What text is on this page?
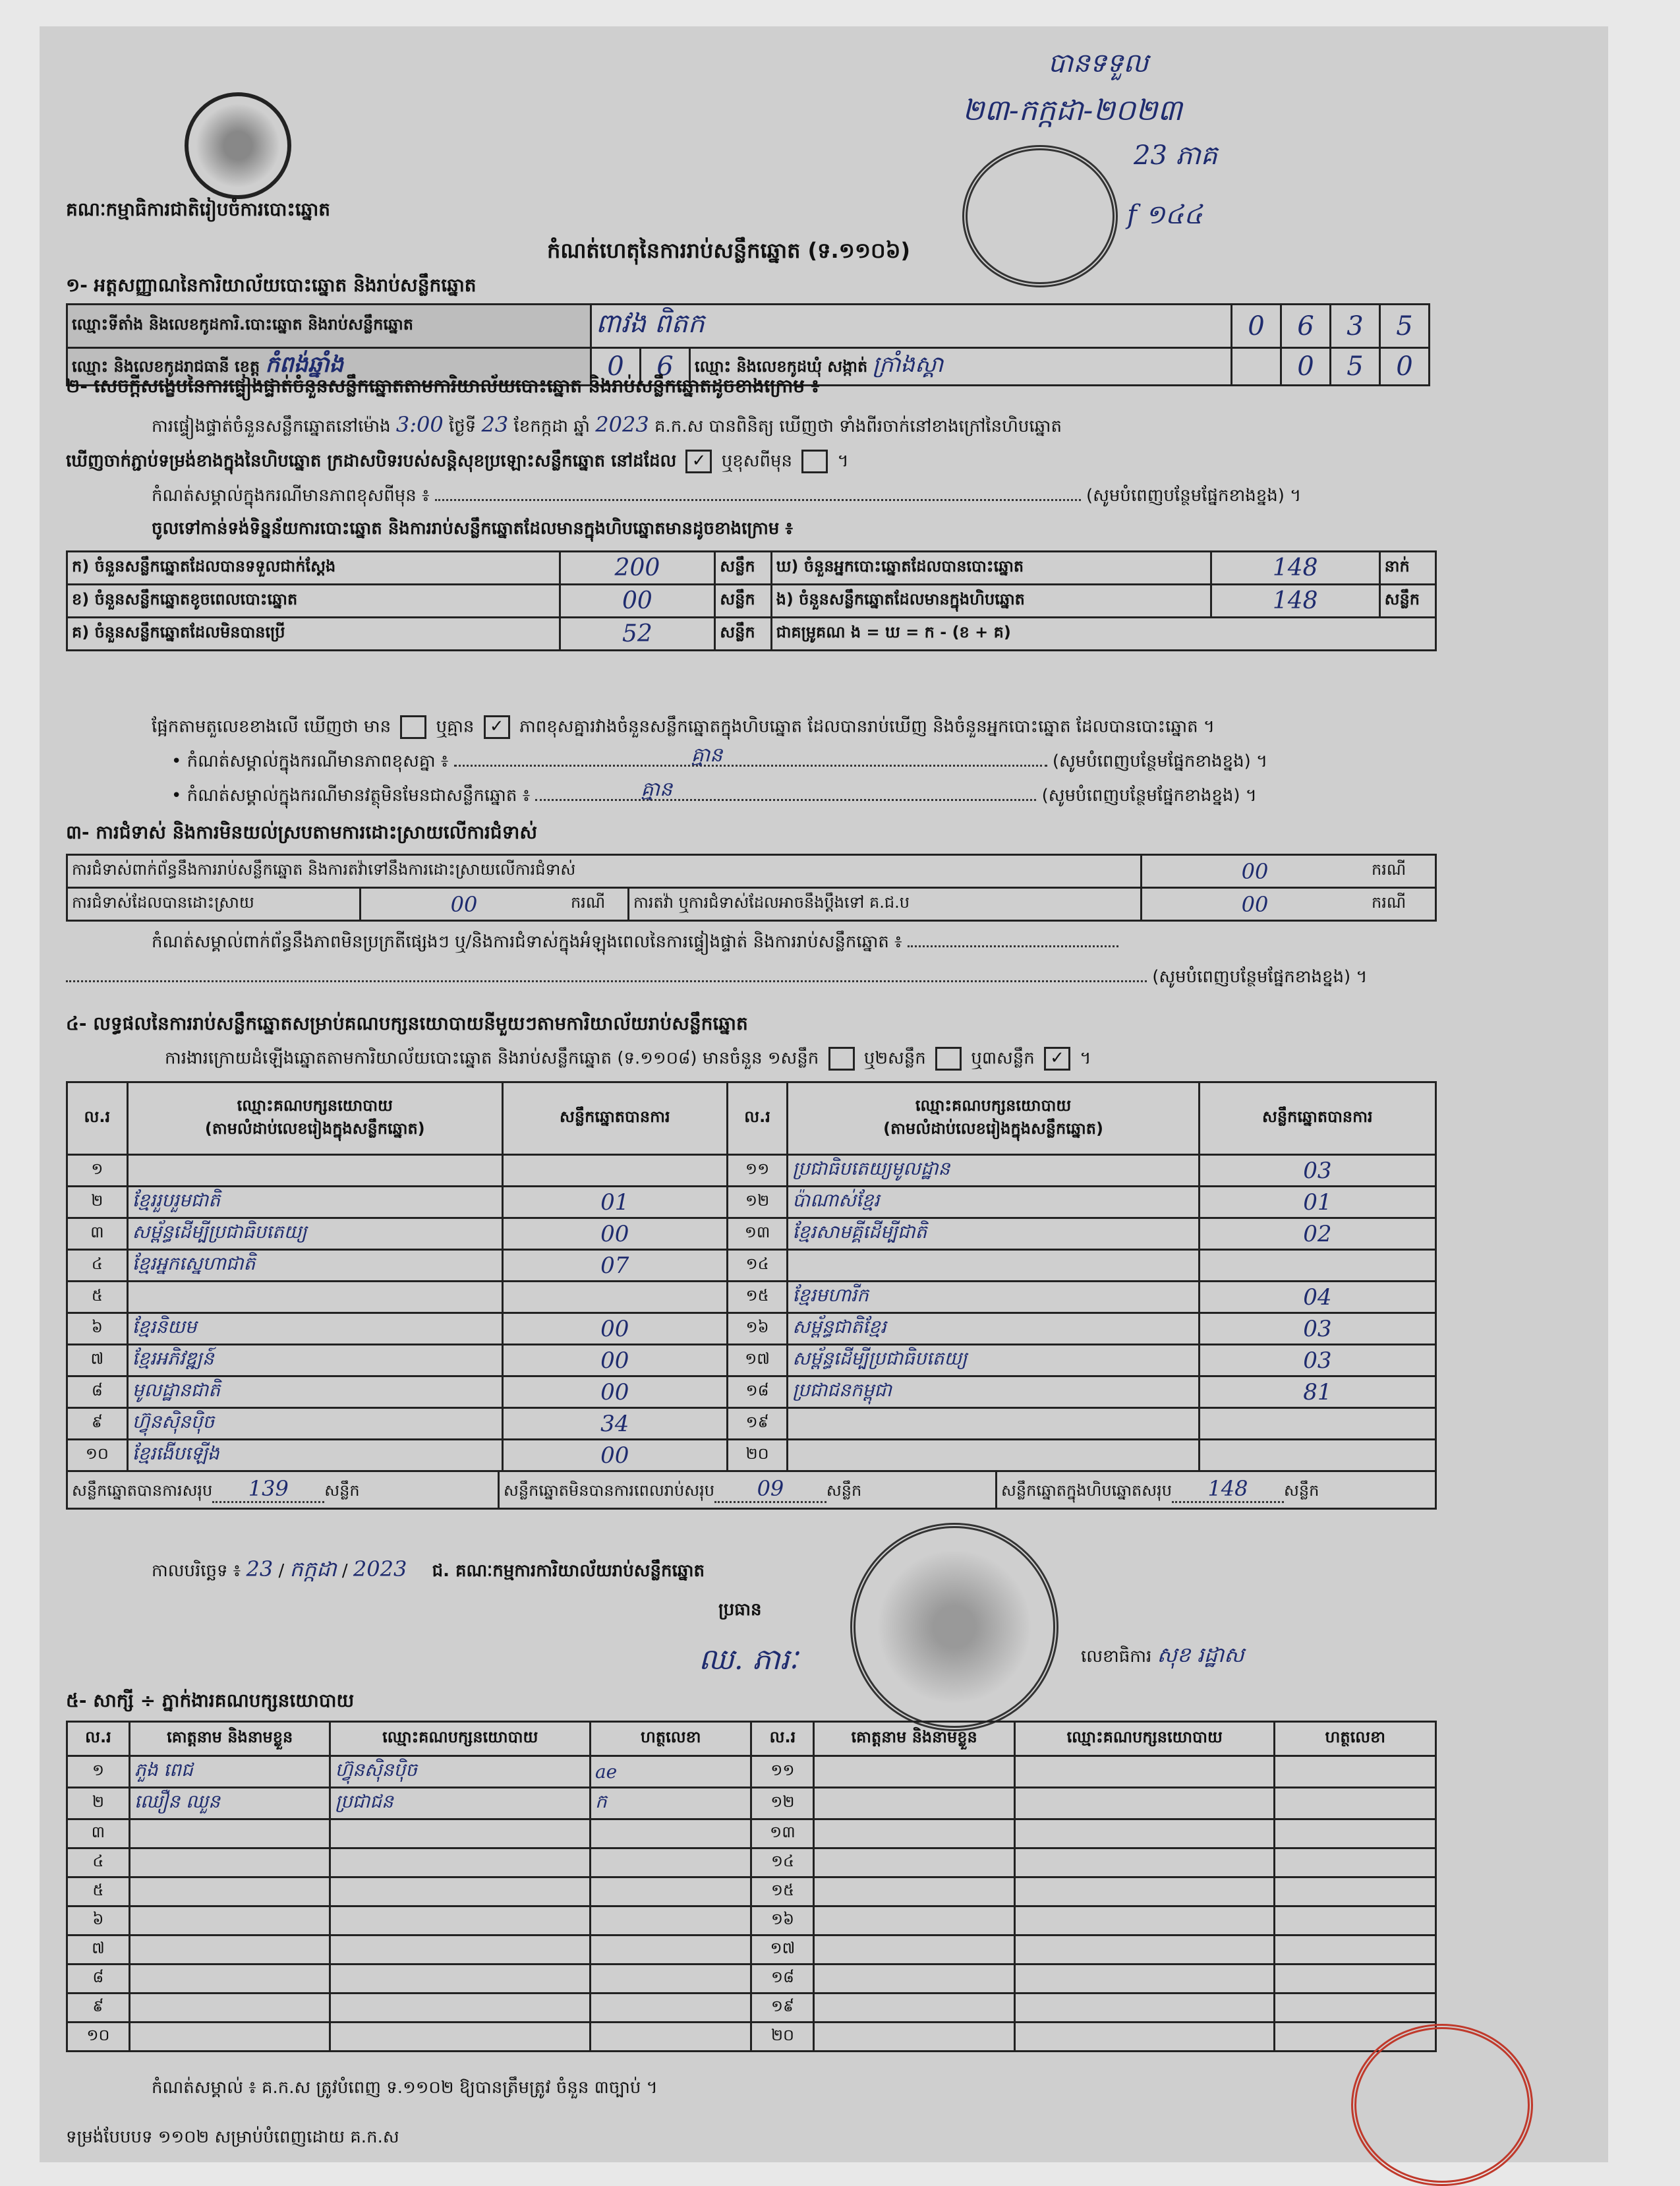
គណៈកម្មាធិការជាតិរៀបចំការបោះឆ្នោត
បានទទួល
២៣-កក្កដា-២០២៣
23 ភាគ
f ១៤៤
កំណត់ហេតុនៃការរាប់សន្លឹកឆ្នោត (ទ.១១០៦)
១- អត្តសញ្ញាណនៃការិយាល័យបោះឆ្នោត និងរាប់សន្លឹកឆ្នោត
ឈ្មោះទីតាំង និងលេខកូដការិ.បោះឆ្នោត និងរាប់សន្លឹកឆ្នោត	ពាវង ពិតក			0	6	3	5
ឈ្មោះ និងលេខកូដរាជធានី ខេត្ត កំពង់ឆ្នាំង	0	6	ឈ្មោះ និងលេខកូដឃុំ សង្កាត់ ក្រាំងស្គា		0	5	0
២- សេចក្តីសង្ខេបនៃការផ្ទៀងផ្ទាត់ចំនួនសន្លឹកឆ្នោតតាមការិយាល័យបោះឆ្នោត និងរាប់សន្លឹកឆ្នោតដូចខាងក្រោម ៖
ការផ្ទៀងផ្ទាត់ចំនួនសន្លឹកឆ្នោតនៅម៉ោង 3:00 ថ្ងៃទី 23 ខែកក្កដា ឆ្នាំ 2023 គ.ក.ស បានពិនិត្យ ឃើញថា ទាំងពីរចាក់នៅខាងក្រៅនៃហិបឆ្នោត
ឃើញចាក់ភ្ជាប់ទម្រង់ខាងក្នុងនៃហិបឆ្នោត ក្រដាសបិទរបស់សន្តិសុខប្រឡោះសន្លឹកឆ្នោត នៅដដែល ✓ ឬខុសពីមុន  ។
កំណត់សម្គាល់ក្នុងករណីមានភាពខុសពីមុន ៖	(សូមបំពេញបន្ថែមផ្នែកខាងខ្នង) ។
ចូលទៅកាន់ទង់ទិន្នន័យការបោះឆ្នោត និងការរាប់សន្លឹកឆ្នោតដែលមានក្នុងហិបឆ្នោតមានដូចខាងក្រោម ៖
ក) ចំនួនសន្លឹកឆ្នោតដែលបានទទួលជាក់ស្តែង	200	សន្លឹក	ឃ) ចំនួនអ្នកបោះឆ្នោតដែលបានបោះឆ្នោត	148	នាក់
ខ) ចំនួនសន្លឹកឆ្នោតខូចពេលបោះឆ្នោត	00	សន្លឹក	ង) ចំនួនសន្លឹកឆ្នោតដែលមានក្នុងហិបឆ្នោត	148	សន្លឹក
គ) ចំនួនសន្លឹកឆ្នោតដែលមិនបានប្រើ	52	សន្លឹក	ជាគម្រូគណ ង = ឃ = ក - (ខ + គ)		
ផ្អែកតាមតួលេខខាងលើ ឃើញថា មាន	ឬគ្មាន ✓ ភាពខុសគ្នារវាងចំនួនសន្លឹកឆ្នោតក្នុងហិបឆ្នោត ដែលបានរាប់ឃើញ និងចំនួនអ្នកបោះឆ្នោត ដែលបានបោះឆ្នោត ។
• កំណត់សម្គាល់ក្នុងករណីមានភាពខុសគ្នា ៖	គ្មាន	(សូមបំពេញបន្ថែមផ្នែកខាងខ្នង) ។
• កំណត់សម្គាល់ក្នុងករណីមានវត្ថុមិនមែនជាសន្លឹកឆ្នោត ៖	គ្មាន	(សូមបំពេញបន្ថែមផ្នែកខាងខ្នង) ។
៣- ការជំទាស់ និងការមិនយល់ស្របតាមការដោះស្រាយលើការជំទាស់
ការជំទាស់ពាក់ព័ន្ធនឹងការរាប់សន្លឹកឆ្នោត និងការតវ៉ាទៅនឹងការដោះស្រាយលើការជំទាស់				00	ករណី
ការជំទាស់ដែលបានដោះស្រាយ	00	ករណី	ការតវ៉ា ឬការជំទាស់ដែលអាចនឹងប្តឹងទៅ គ.ជ.ប	00	ករណី
កំណត់សម្គាល់ពាក់ព័ន្ធនឹងភាពមិនប្រក្រតីផ្សេងៗ ឬ/និងការជំទាស់ក្នុងអំឡុងពេលនៃការផ្ទៀងផ្ទាត់ និងការរាប់សន្លឹកឆ្នោត ៖
(សូមបំពេញបន្ថែមផ្នែកខាងខ្នង) ។
៤- លទ្ធផលនៃការរាប់សន្លឹកឆ្នោតសម្រាប់គណបក្សនយោបាយនីមួយៗតាមការិយាល័យរាប់សន្លឹកឆ្នោត
ការងារក្រោយដំឡើងឆ្នោតតាមការិយាល័យបោះឆ្នោត និងរាប់សន្លឹកឆ្នោត (ទ.១១០៨) មានចំនួន ១សន្លឹក	ឬ២សន្លឹក	ឬ៣សន្លឹក ✓ ។
ល.រ	ឈ្មោះគណបក្សនយោបាយ
(តាមលំដាប់លេខរៀងក្នុងសន្លឹកឆ្នោត)	សន្លឹកឆ្នោតបានការ	ល.រ	ឈ្មោះគណបក្សនយោបាយ
(តាមលំដាប់លេខរៀងក្នុងសន្លឹកឆ្នោត)	សន្លឹកឆ្នោតបានការ
១			១១	ប្រជាធិបតេយ្យមូលដ្ឋាន	03
២	ខ្មែររួបរួមជាតិ	01	១២	ប៉ាណាស់ខ្មែរ	01
៣	សម្ព័ន្ធដើម្បីប្រជាធិបតេយ្យ	00	១៣	ខ្មែរសាមគ្គីដើម្បីជាតិ	02
៤	ខ្មែរអ្នកស្នេហាជាតិ	07	១៤		
៥			១៥	ខ្មែរមហារីក	04
៦	ខ្មែរនិយម	00	១៦	សម្ព័ន្ធជាតិខ្មែរ	03
៧	ខ្មែរអភិវឌ្ឍន៍	00	១៧	សម្ព័ន្ធដើម្បីប្រជាធិបតេយ្យ	03
៨	មូលដ្ឋានជាតិ	00	១៨	ប្រជាជនកម្ពុជា	81
៩	ហ៊្វុនស៊ិនប៉ិច	34	១៩		
១០	ខ្មែរងើបឡើង	00	២០		

សន្លឹកឆ្នោតបានការសរុប 139 សន្លឹក សន្លឹកឆ្នោតមិនបានការពេលរាប់សរុប 09 សន្លឹក សន្លឹកឆ្នោតក្នុងហិបឆ្នោតសរុប 148 សន្លឹក					
កាលបរិច្ឆេទ ៖ 23 / កក្កដា / 2023 ជ. គណៈកម្មការការិយាល័យរាប់សន្លឹកឆ្នោត
ប្រធាន
ឈ. ភារៈ	លេខាធិការ សុខ រដ្ឋាស
៥- សាក្សី ÷ ភ្នាក់ងារគណបក្សនយោបាយ
ល.រ	គោត្តនាម និងនាមខ្លួន	ឈ្មោះគណបក្សនយោបាយ	ហត្ថលេខា	ល.រ	គោត្តនាម និងនាមខ្លួន	ឈ្មោះគណបក្សនយោបាយ	ហត្ថលេខា
១	ភួង ពេជ	ហ៊្វុនស៊ិនប៉ិច	ae	១១			
២	ឈឿន ឈួន	ប្រជាជន	ក	១២			
៣				១៣			
៤				១៤			
៥				១៥			
៦				១៦			
៧				១៧			
៨				១៨			
៩				១៩			
១០				២០			
កំណត់សម្គាល់ ៖ គ.ក.ស ត្រូវបំពេញ ទ.១១០២ ឱ្យបានត្រឹមត្រូវ ចំនួន ៣ច្បាប់ ។
ទម្រង់បែបបទ ១១០២ សម្រាប់បំពេញដោយ គ.ក.ស
